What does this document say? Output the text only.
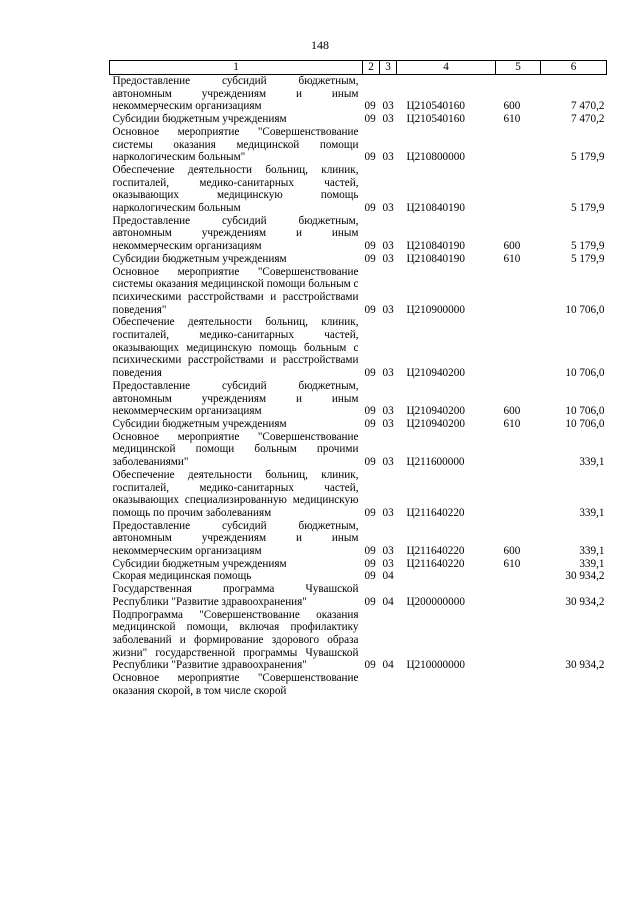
148
1	2	3	4	5	6

Предоставление субсидий бюджетным, автономным учреждениям и иным некоммерческим организациям	09	03	Ц210540160	600	7 470,2

Субсидии бюджетным учреждениям	09	03	Ц210540160	610	7 470,2

Основное мероприятие "Совершенствование системы оказания медицинской помощи наркологическим больным"	09	03	Ц210800000		5 179,9

Обеспечение деятельности больниц, клиник, госпиталей, медико-санитарных частей, оказывающих медицинскую помощь наркологическим больным	09	03	Ц210840190		5 179,9

Предоставление субсидий бюджетным, автономным учреждениям и иным некоммерческим организациям	09	03	Ц210840190	600	5 179,9

Субсидии бюджетным учреждениям	09	03	Ц210840190	610	5 179,9

Основное мероприятие "Совершенствование системы оказания медицинской помощи больным с психическими расстройствами и расстройствами поведения"	09	03	Ц210900000		10 706,0

Обеспечение деятельности больниц, клиник, госпиталей, медико-санитарных частей, оказывающих медицинскую помощь больным с психическими расстройствами и расстройствами поведения	09	03	Ц210940200		10 706,0

Предоставление субсидий бюджетным, автономным учреждениям и иным некоммерческим организациям	09	03	Ц210940200	600	10 706,0

Субсидии бюджетным учреждениям	09	03	Ц210940200	610	10 706,0

Основное мероприятие "Совершенствование медицинской помощи больным прочими заболеваниями"	09	03	Ц211600000		339,1

Обеспечение деятельности больниц, клиник, госпиталей, медико-санитарных частей, оказывающих специализированную медицинскую помощь по прочим заболеваниям	09	03	Ц211640220		339,1

Предоставление субсидий бюджетным, автономным учреждениям и иным некоммерческим организациям	09	03	Ц211640220	600	339,1

Субсидии бюджетным учреждениям	09	03	Ц211640220	610	339,1

Скорая медицинская помощь	09	04			30 934,2

Государственная программа Чувашской Республики "Развитие здравоохранения"	09	04	Ц200000000		30 934,2

Подпрограмма "Совершенствование оказания медицинской помощи, включая профилактику заболеваний и формирование здорового образа жизни" государственной программы Чувашской Республики "Развитие здравоохранения"	09	04	Ц210000000		30 934,2

Основное мероприятие "Совершенствование оказания скорой, в том числе скорой					
